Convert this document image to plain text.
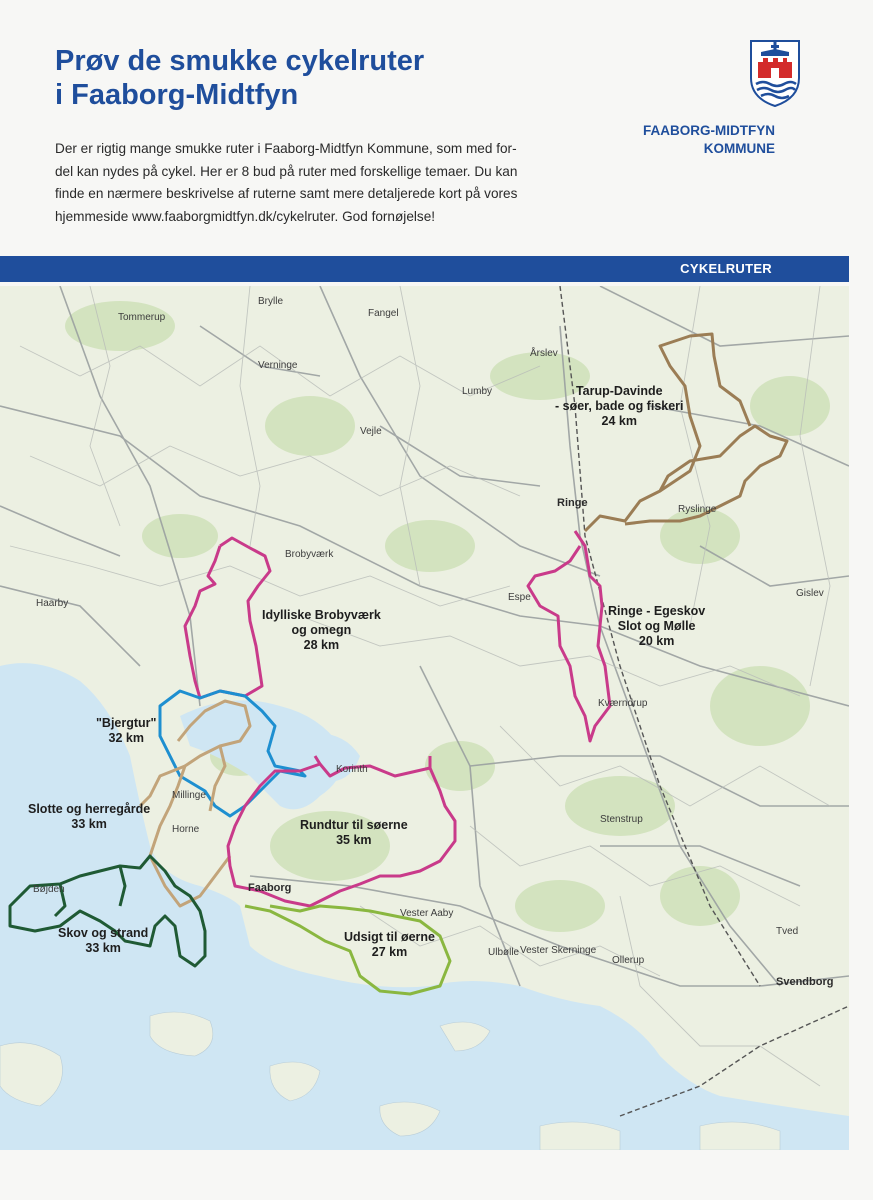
Prøv de smukke cykelruter
i Faaborg-Midtfyn
Der er rigtig mange smukke ruter i Faaborg-Midtfyn Kommune, som med for-
del kan nydes på cykel. Her er 8 bud på ruter med forskellige temaer. Du kan
finde en nærmere beskrivelse af ruterne samt mere detaljerede kort på vores
hjemmeside www.faaborgmidtfyn.dk/cykelruter. God fornøjelse!
FAABORG-MIDTFYN
KOMMUNE
CYKELRUTER
Ringe
Faaborg
Svendborg
Brobyværk
Haarby
Espe
Korinth
Horne
Millinge
Fangel
Brylle
Verninge
Årslev
Gislev
Ryslinge
Tved
Ollerup
Kværndrup
Vester Aaby
Bøjden
Lumby
Tommerup
Stenstrup
Vester Skerninge
Vejle
Ulbølle
Tarup-Davinde
- søer, bade og fiskeri
24 km
Ringe - Egeskov
Slot og Mølle
20 km
Idylliske Brobyværk
og omegn
28 km
"Bjergtur"
32 km
Slotte og herregårde
33 km	Rundtur til søerne
35 km
Skov og strand
33 km
Udsigt til øerne
27 km
